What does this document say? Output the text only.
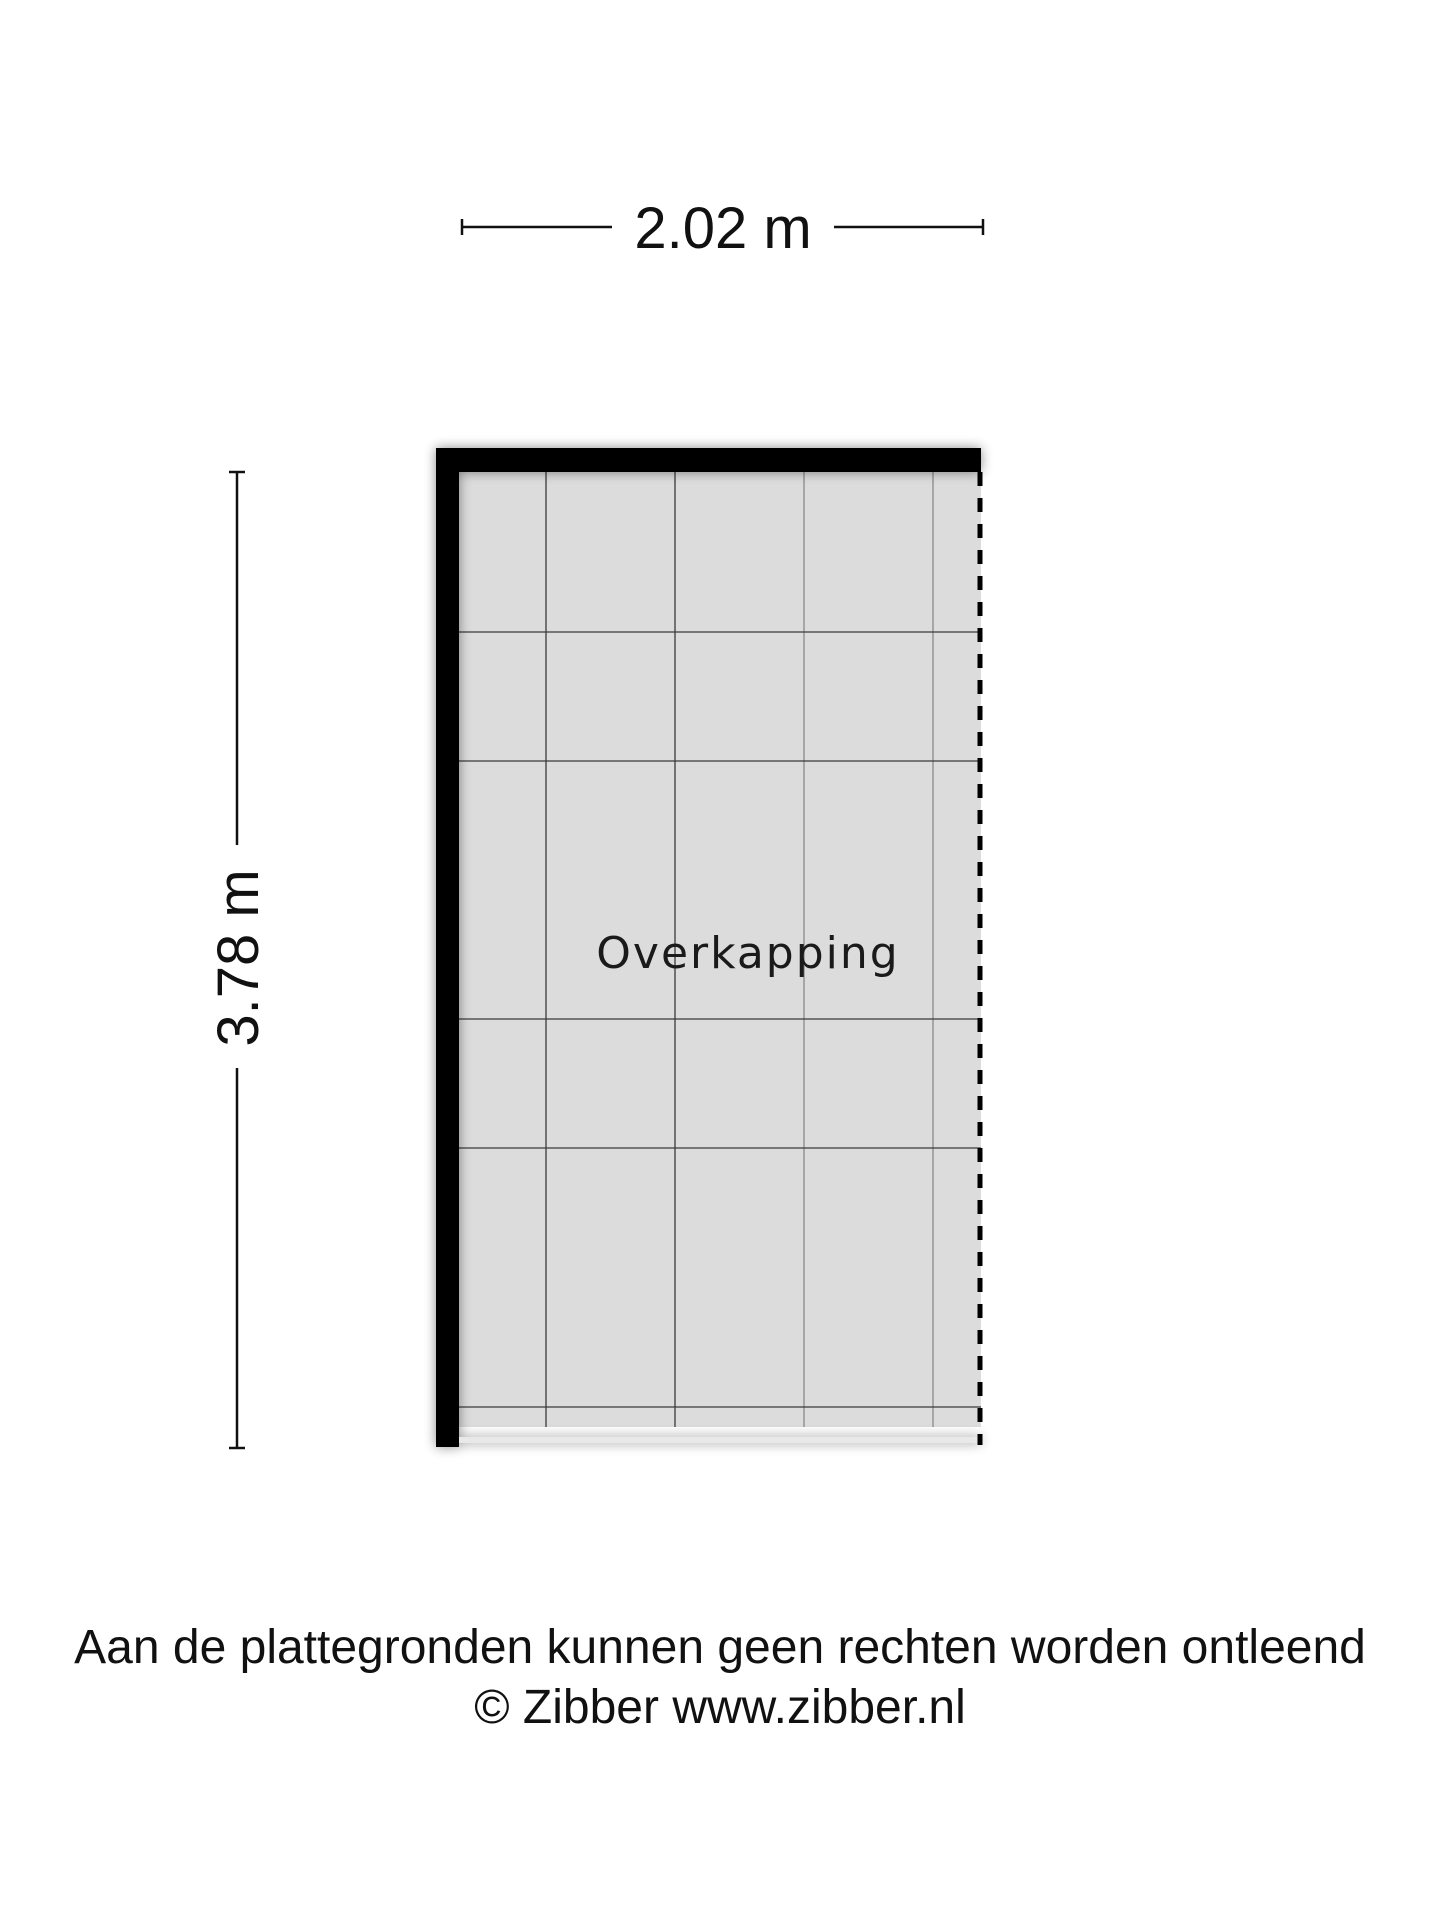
2.02 m
3.78 m	Overkapping
Aan de plattegronden kunnen geen rechten worden ontleend
© Zibber www.zibber.nl
